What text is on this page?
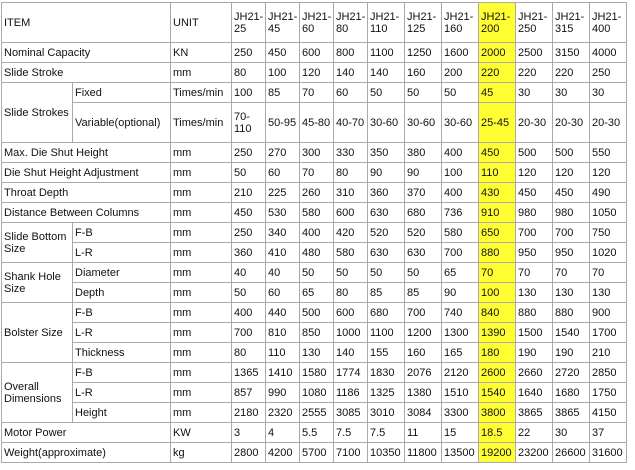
ITEM		UNIT	JH21-25	JH21-45	JH21-60	JH21-80	JH21-110	JH21-125	JH21-160	JH21-200	JH21-250	JH21-315	JH21-400
Nominal Capacity		KN	250	450	600	800	1100	1250	1600	2000	2500	3150	4000
Slide Stroke		mm	80	100	120	140	140	160	200	220	220	220	250
Slide Strokes	Fixed	Times/min	100	85	70	60	50	50	50	45	30	30	30
	Variable(optional)	Times/min	70-110	50-95	45-80	40-70	30-60	30-60	30-60	25-45	20-30	20-30	20-30
Max. Die Shut Height		mm	250	270	300	330	350	380	400	450	500	500	550
Die Shut Height Adjustment		mm	50	60	70	80	90	90	100	110	120	120	120
Throat Depth		mm	210	225	260	310	360	370	400	430	450	450	490
Distance Between Columns		mm	450	530	580	600	630	680	736	910	980	980	1050
Slide Bottom Size	F-B	mm	250	340	400	420	520	520	580	650	700	700	750
	L-R	mm	360	410	480	580	630	630	700	880	950	950	1020
Shank Hole Size	Diameter	mm	40	40	50	50	50	50	65	70	70	70	70
	Depth	mm	50	60	65	80	85	85	90	100	130	130	130
Bolster Size	F-B	mm	400	440	500	600	680	700	740	840	880	880	900
	L-R	mm	700	810	850	1000	1100	1200	1300	1390	1500	1540	1700
	Thickness	mm	80	110	130	140	155	160	165	180	190	190	210
Overall Dimensions	F-B	mm	1365	1410	1580	1774	1830	2076	2120	2600	2660	2720	2850
	L-R	mm	857	990	1080	1186	1325	1380	1510	1540	1640	1680	1750
	Height	mm	2180	2320	2555	3085	3010	3084	3300	3800	3865	3865	4150
Motor Power		KW	3	4	5.5	7.5	7.5	11	15	18.5	22	30	37
Weight(approximate)		kg	2800	4200	5700	7100	10350	11800	13500	19200	23200	26600	31600
